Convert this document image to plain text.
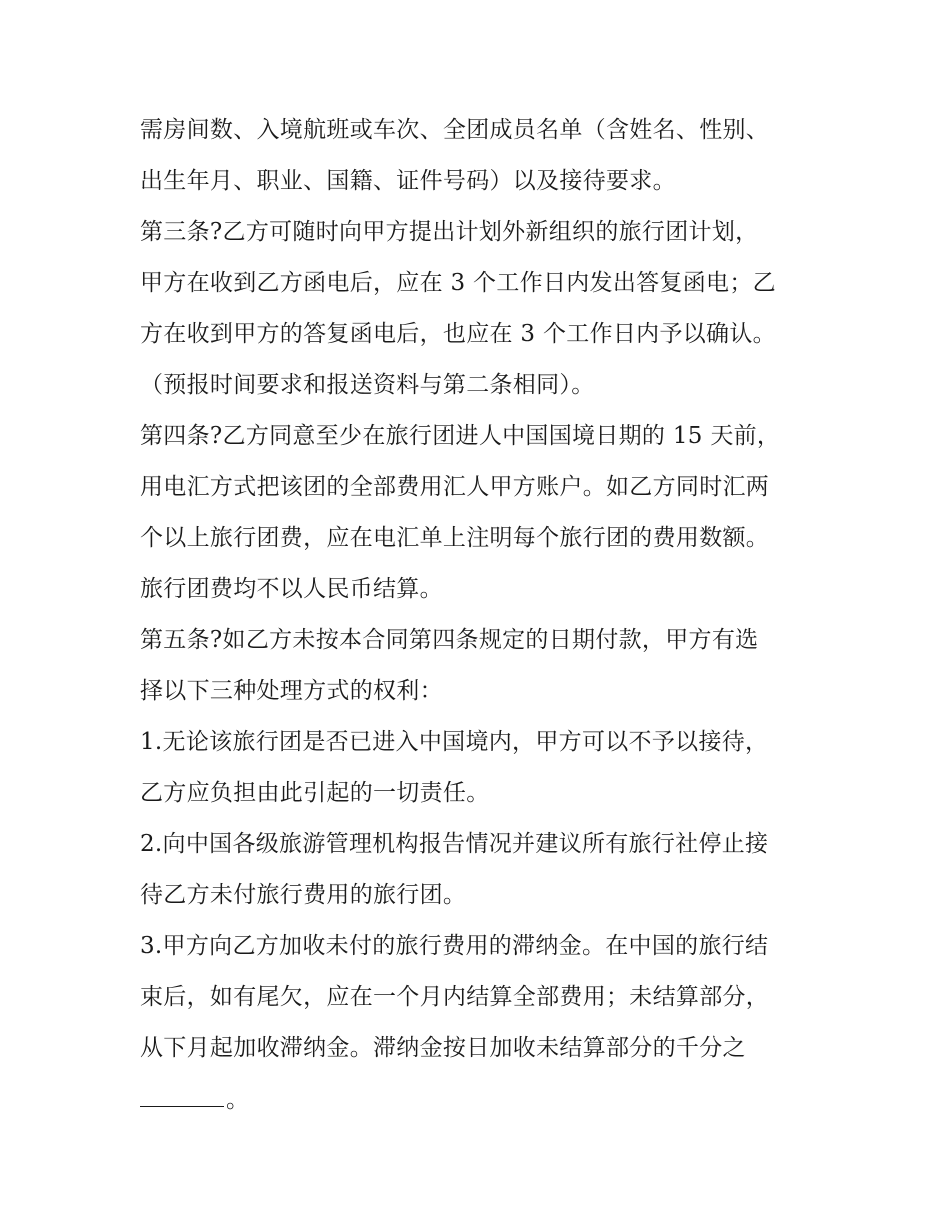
需房间数、入境航班或车次、全团成员名单（含姓名、性别、
出生年月、职业、国籍、证件号码）以及接待要求。
第三条?乙方可随时向甲方提出计划外新组织的旅行团计划，
甲方在收到乙方函电后，应在 3 个工作日内发出答复函电；乙
方在收到甲方的答复函电后，也应在 3 个工作日内予以确认。
（预报时间要求和报送资料与第二条相同）。
第四条?乙方同意至少在旅行团进人中国国境日期的 15 天前，
用电汇方式把该团的全部费用汇人甲方账户。如乙方同时汇两
个以上旅行团费，应在电汇单上注明每个旅行团的费用数额。
旅行团费均不以人民币结算。
第五条?如乙方未按本合同第四条规定的日期付款，甲方有选
择以下三种处理方式的权利：
1.无论该旅行团是否已进入中国境内，甲方可以不予以接待，
乙方应负担由此引起的一切责任。
2.向中国各级旅游管理机构报告情况并建议所有旅行社停止接
待乙方未付旅行费用的旅行团。
3.甲方向乙方加收未付的旅行费用的滞纳金。在中国的旅行结
束后，如有尾欠，应在一个月内结算全部费用；未结算部分，
从下月起加收滞纳金。滞纳金按日加收未结算部分的千分之
。
